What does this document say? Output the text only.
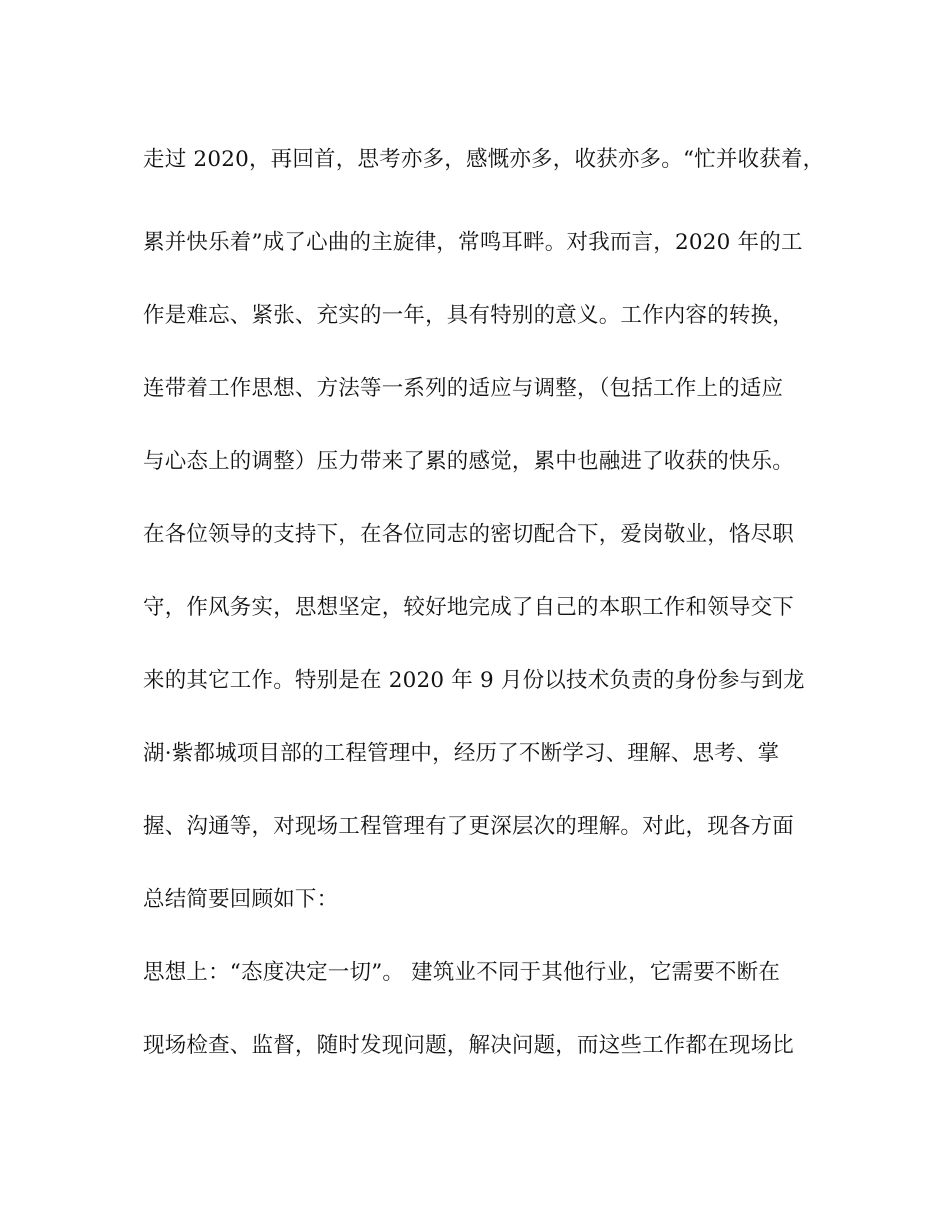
走过 2020，再回首，思考亦多，感慨亦多，收获亦多。“忙并收获着，
累并快乐着”成了心曲的主旋律，常鸣耳畔。对我而言，2020 年的工
作是难忘、紧张、充实的一年，具有特别的意义。工作内容的转换，
连带着工作思想、方法等一系列的适应与调整，（包括工作上的适应
与心态上的调整）压力带来了累的感觉，累中也融进了收获的快乐。
在各位领导的支持下，在各位同志的密切配合下，爱岗敬业，恪尽职
守，作风务实，思想坚定，较好地完成了自己的本职工作和领导交下
来的其它工作。特别是在 2020 年 9 月份以技术负责的身份参与到龙
湖·紫都城项目部的工程管理中，经历了不断学习、理解、思考、掌
握、沟通等，对现场工程管理有了更深层次的理解。对此，现各方面
总结简要回顾如下：
思想上：“态度决定一切”。 建筑业不同于其他行业，它需要不断在
现场检查、监督，随时发现问题，解决问题，而这些工作都在现场比
